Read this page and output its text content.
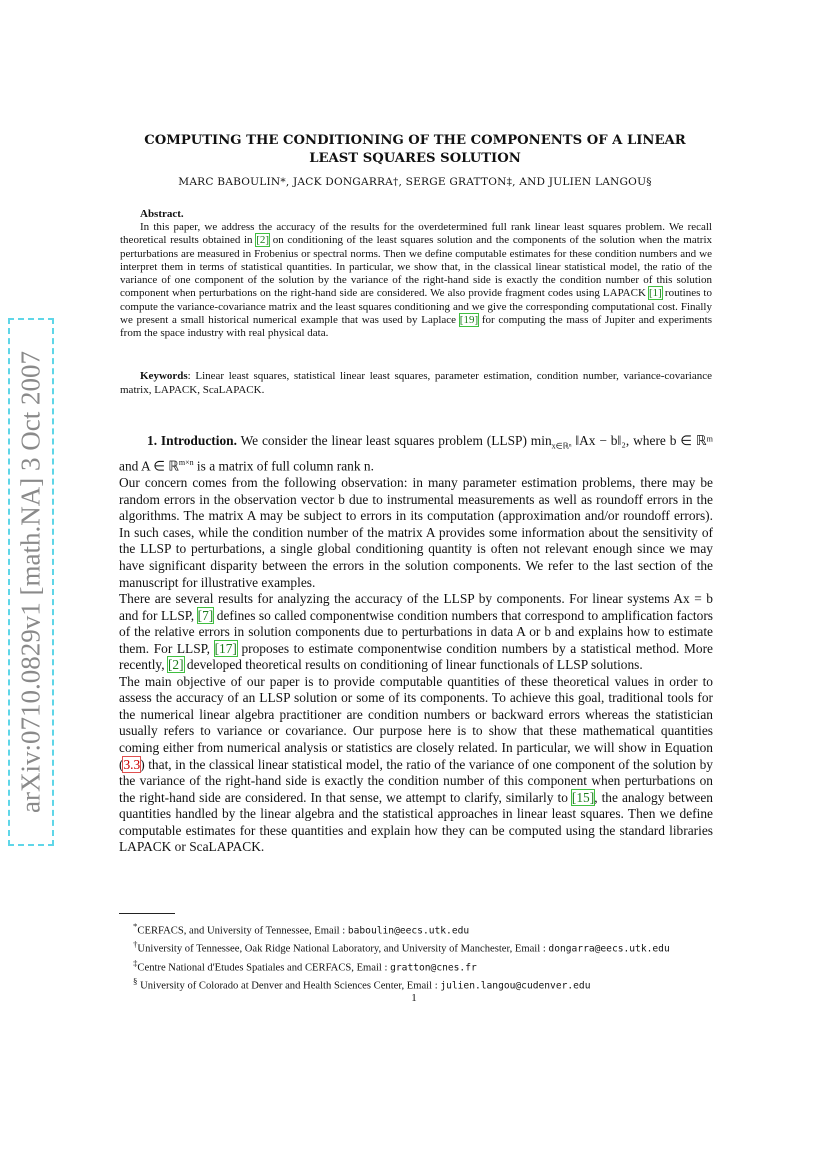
arXiv:0710.0829v1 [math.NA] 3 Oct 2007
COMPUTING THE CONDITIONING OF THE COMPONENTS OF A LINEAR
LEAST SQUARES SOLUTION
MARC BABOULIN*, JACK DONGARRA†, SERGE GRATTON‡, AND JULIEN LANGOU§
Abstract.
In this paper, we address the accuracy of the results for the overdetermined full rank linear least squares problem. We recall theoretical results obtained in [2] on conditioning of the least squares solution and the components of the solution when the matrix perturbations are measured in Frobenius or spectral norms. Then we define computable estimates for these condition numbers and we interpret them in terms of statistical quantities. In particular, we show that, in the classical linear statistical model, the ratio of the variance of one component of the solution by the variance of the right-hand side is exactly the condition number of this solution component when perturbations on the right-hand side are considered. We also provide fragment codes using LAPACK [1] routines to compute the variance-covariance matrix and the least squares conditioning and we give the corresponding computational cost. Finally we present a small historical numerical example that was used by Laplace [19] for computing the mass of Jupiter and experiments from the space industry with real physical data.
Keywords: Linear least squares, statistical linear least squares, parameter estimation, condition number, variance-covariance matrix, LAPACK, ScaLAPACK.

1. Introduction. We consider the linear least squares problem (LLSP) $\min_{x\in ℝ^n}$ ‖Ax − b‖₂, where b ∈ ℝᵐ and A ∈ ℝ$^{m\times n}$ is a matrix of full column rank n.

Our concern comes from the following observation: in many parameter estimation problems, there may be random errors in the observation vector b due to instrumental measurements as well as roundoff errors in the algorithms. The matrix A may be subject to errors in its computation (approximation and/or roundoff errors). In such cases, while the condition number of the matrix A provides some information about the sensitivity of the LLSP to perturbations, a single global conditioning quantity is often not relevant enough since we may have significant disparity between the errors in the solution components. We refer to the last section of the manuscript for illustrative examples.

There are several results for analyzing the accuracy of the LLSP by components. For linear systems Ax = b and for LLSP, [7] defines so called componentwise condition numbers that correspond to amplification factors of the relative errors in solution components due to perturbations in data A or b and explains how to estimate them. For LLSP, [17] proposes to estimate componentwise condition numbers by a statistical method. More recently, [2] developed theoretical results on conditioning of linear functionals of LLSP solutions.

The main objective of our paper is to provide computable quantities of these theoretical values in order to assess the accuracy of an LLSP solution or some of its components. To achieve this goal, traditional tools for the numerical linear algebra practitioner are condition numbers or backward errors whereas the statistician usually refers to variance or covariance. Our purpose here is to show that these mathematical quantities coming either from numerical analysis or statistics are closely related. In particular, we will show in Equation (3.3) that, in the classical linear statistical model, the ratio of the variance of one component of the solution by the variance of the right-hand side is exactly the condition number of this component when perturbations on the right-hand side are considered. In that sense, we attempt to clarify, similarly to [15], the analogy between quantities handled by the linear algebra and the statistical approaches in linear least squares. Then we define computable estimates for these quantities and explain how they can be computed using the standard libraries LAPACK or ScaLAPACK.

*CERFACS, and University of Tennessee, Email : baboulin@eecs.utk.edu

†University of Tennessee, Oak Ridge National Laboratory, and University of Manchester, Email : dongarra@eecs.utk.edu

‡Centre National d'Etudes Spatiales and CERFACS, Email : gratton@cnes.fr

§ University of Colorado at Denver and Health Sciences Center, Email : julien.langou@cudenver.edu

1
